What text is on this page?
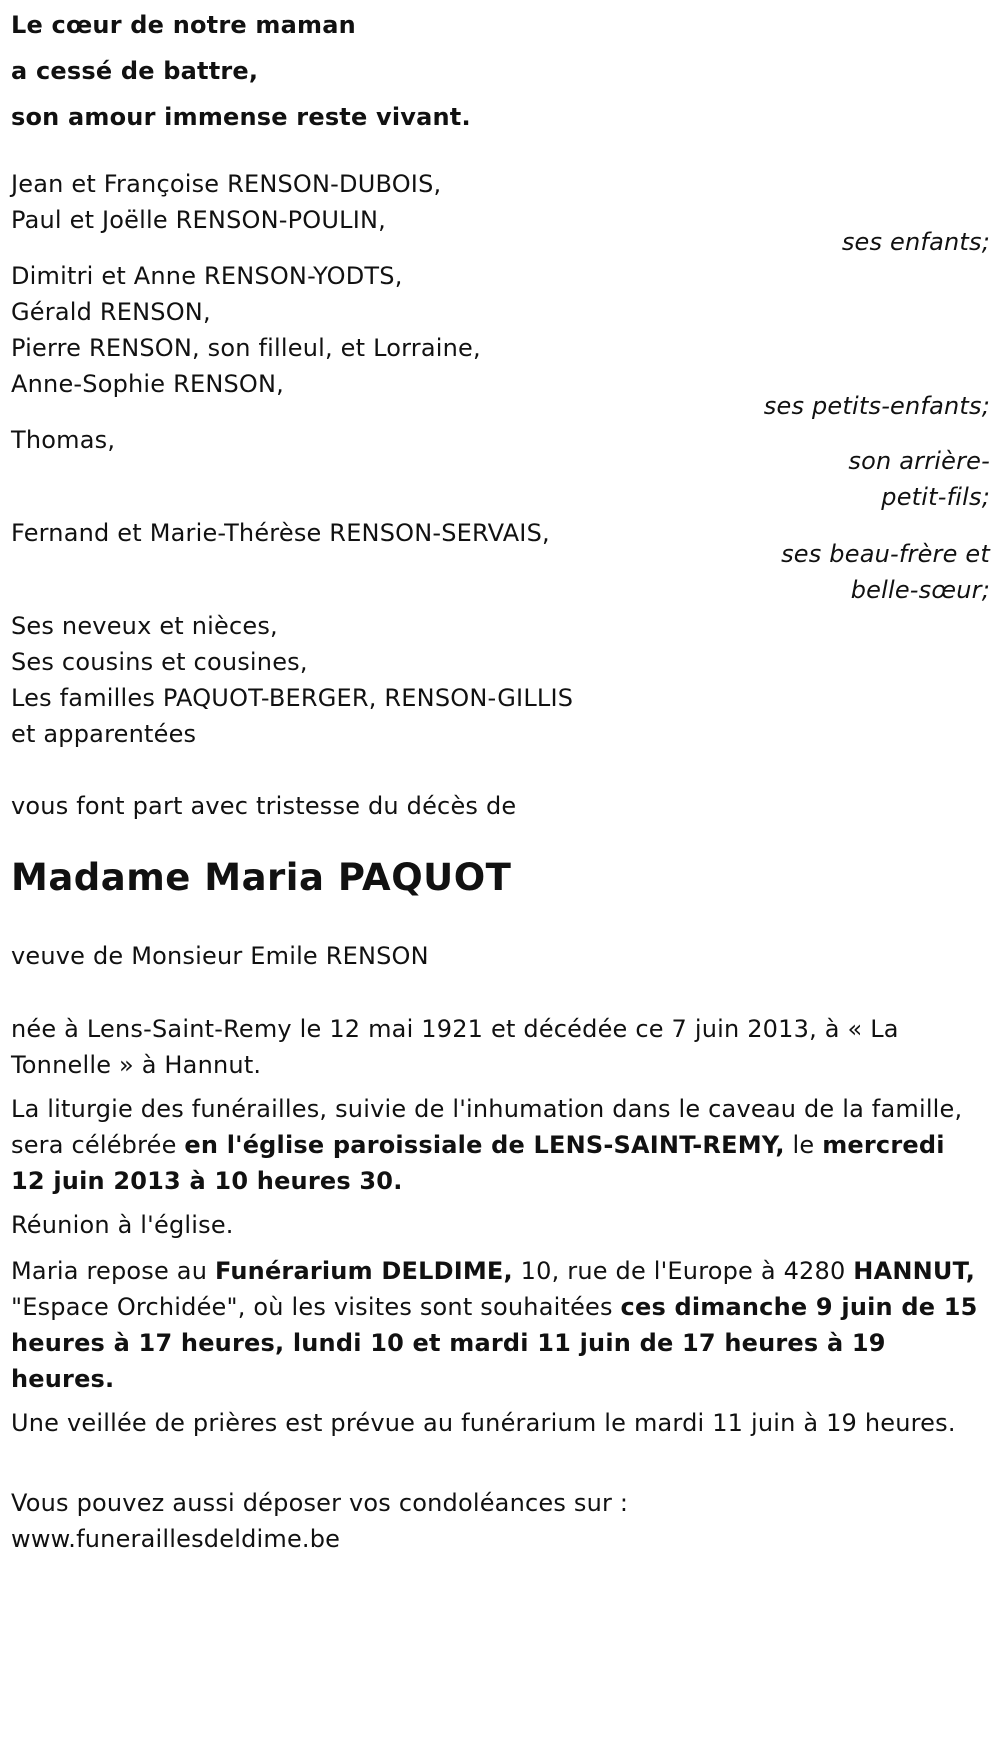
Le cœur de notre maman
a cessé de battre,
son amour immense reste vivant.
Jean et Françoise RENSON-DUBOIS,
Paul et Joëlle RENSON-POULIN,
ses enfants;
Dimitri et Anne RENSON-YODTS,
Gérald RENSON,
Pierre RENSON, son filleul, et Lorraine,
Anne-Sophie RENSON,
ses petits-enfants;
Thomas,
son arrière-
petit-fils;
Fernand et Marie-Thérèse RENSON-SERVAIS,
ses beau-frère et
belle-sœur;
Ses neveux et nièces,
Ses cousins et cousines,
Les familles PAQUOT-BERGER, RENSON-GILLIS
et apparentées
vous font part avec tristesse du décès de
Madame Maria PAQUOT
veuve de Monsieur Emile RENSON

née à Lens-Saint-Remy le 12 mai 1921 et décédée ce 7 juin 2013, à « La Tonnelle » à Hannut.

La liturgie des funérailles, suivie de l'inhumation dans le caveau de la famille, sera célébrée en l'église paroissiale de LENS-SAINT-REMY, le mercredi 12 juin 2013 à 10 heures 30.

Réunion à l'église.

Maria repose au Funérarium DELDIME, 10, rue de l'Europe à 4280 HANNUT, "Espace Orchidée", où les visites sont souhaitées ces dimanche 9 juin de 15 heures à 17 heures, lundi 10 et mardi 11 juin de 17 heures à 19 heures.

Une veillée de prières est prévue au funérarium le mardi 11 juin à 19 heures.

Vous pouvez aussi déposer vos condoléances sur :
www.funeraillesdeldime.be
